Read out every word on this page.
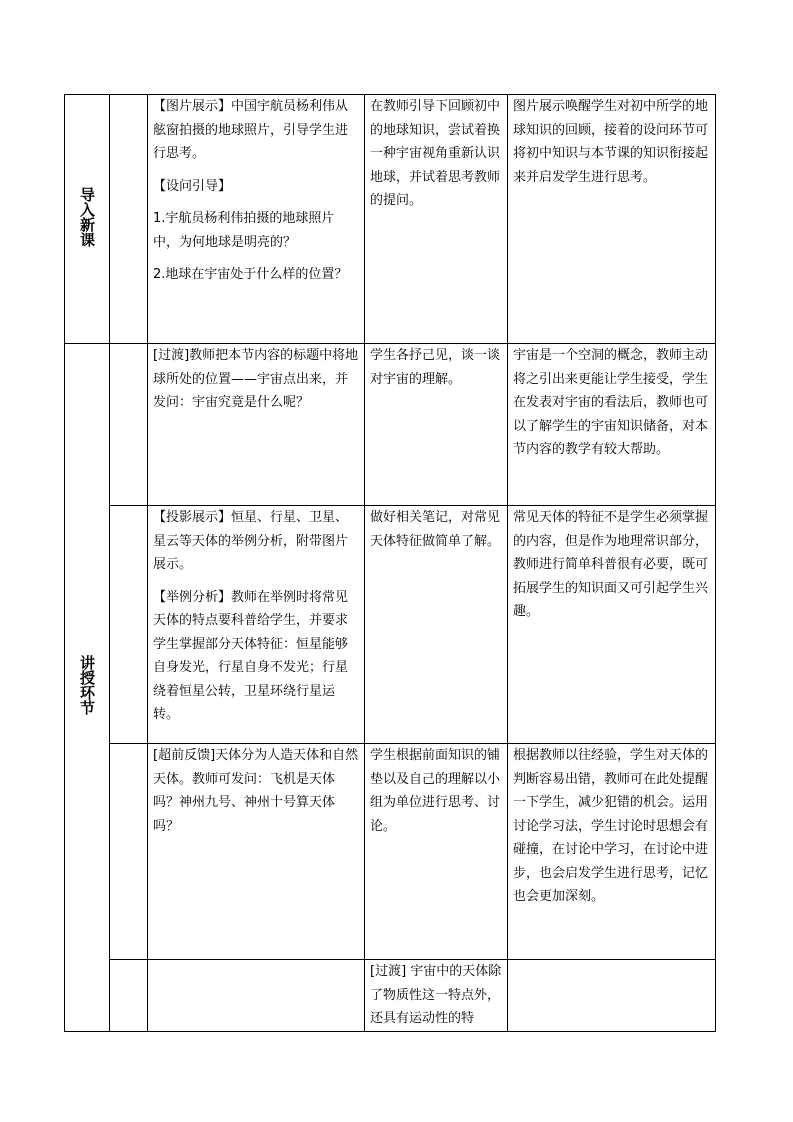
导入新课		【图片展示】中国宇航员杨利伟从舷窗拍摄的地球照片，引导学生进行思考。

【设问引导】

1.宇航员杨利伟拍摄的地球照片中，为何地球是明亮的？

2.地球在宇宙处于什么样的位置？	在教师引导下回顾初中的地球知识，尝试着换一种宇宙视角重新认识地球，并试着思考教师的提问。	图片展示唤醒学生对初中所学的地球知识的回顾，接着的设问环节可将初中知识与本节课的知识衔接起来并启发学生进行思考。	

讲授环节		[过渡]教师把本节内容的标题中将地球所处的位置——宇宙点出来，并发问：宇宙究竟是什么呢？	学生各抒己见，谈一谈对宇宙的理解。	宇宙是一个空洞的概念，教师主动将之引出来更能让学生接受，学生在发表对宇宙的看法后，教师也可以了解学生的宇宙知识储备，对本节内容的教学有较大帮助。	

		【投影展示】恒星、行星、卫星、星云等天体的举例分析，附带图片展示。

【举例分析】教师在举例时将常见天体的特点要科普给学生，并要求学生掌握部分天体特征：恒星能够自身发光，行星自身不发光；行星绕着恒星公转，卫星环绕行星运转。	做好相关笔记，对常见天体特征做简单了解。	常见天体的特征不是学生必须掌握的内容，但是作为地理常识部分，教师进行简单科普很有必要，既可拓展学生的知识面又可引起学生兴趣。	

		[超前反馈]天体分为人造天体和自然天体。教师可发问：飞机是天体吗？神州九号、神州十号算天体吗？	学生根据前面知识的铺垫以及自己的理解以小组为单位进行思考、讨论。	根据教师以往经验，学生对天体的判断容易出错，教师可在此处提醒一下学生，减少犯错的机会。运用讨论学习法，学生讨论时思想会有碰撞，在讨论中学习，在讨论中进步，也会启发学生进行思考，记忆也会更加深刻。	

			[过渡] 宇宙中的天体除了物质性这一特点外，还具有运动性的特		
